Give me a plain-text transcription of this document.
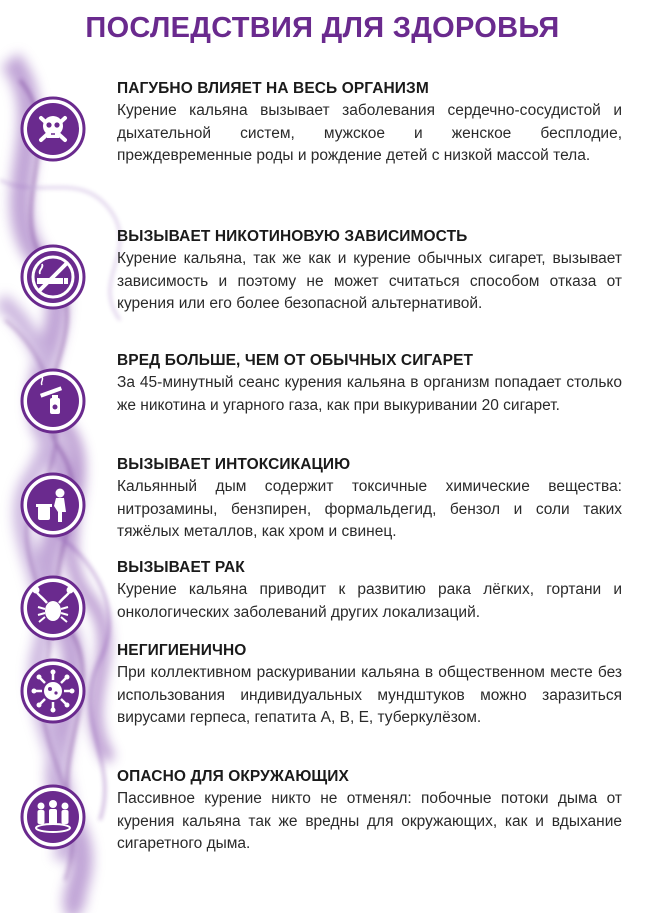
ПОСЛЕДСТВИЯ ДЛЯ ЗДОРОВЬЯ
ПАГУБНО ВЛИЯЕТ НА ВЕСЬ ОРГАНИЗМ
Курение кальяна вызывает заболевания сердечно-сосудистой и дыхательной систем, мужское и женское бесплодие, преждевременные роды и рождение детей с низкой массой тела.
ВЫЗЫВАЕТ НИКОТИНОВУЮ ЗАВИСИМОСТЬ
Курение кальяна, так же как и курение обычных сигарет, вызывает зависимость и поэтому не может считаться способом отказа от курения или его более безопасной альтернативой.
ВРЕД БОЛЬШЕ, ЧЕМ ОТ ОБЫЧНЫХ СИГАРЕТ
За 45-минутный сеанс курения кальяна в организм попадает столько же никотина и угарного газа, как при выкуривании 20 сигарет.
ВЫЗЫВАЕТ ИНТОКСИКАЦИЮ
Кальянный дым содержит токсичные химические вещества: нитрозамины, бензпирен, формальдегид, бензол и соли таких тяжёлых металлов, как хром и свинец.
ВЫЗЫВАЕТ РАК
Курение кальяна приводит к развитию рака лёгких, гортани и онкологических заболеваний других локализаций.
НЕГИГИЕНИЧНО
При коллективном раскуривании кальяна в общественном месте без использования индивидуальных мундштуков можно заразиться вирусами герпеса, гепатита А, В, Е, туберкулёзом.
ОПАСНО ДЛЯ ОКРУЖАЮЩИХ
Пассивное курение никто не отменял: побочные потоки дыма от курения кальяна так же вредны для окружающих, как и вдыхание сигаретного дыма.
